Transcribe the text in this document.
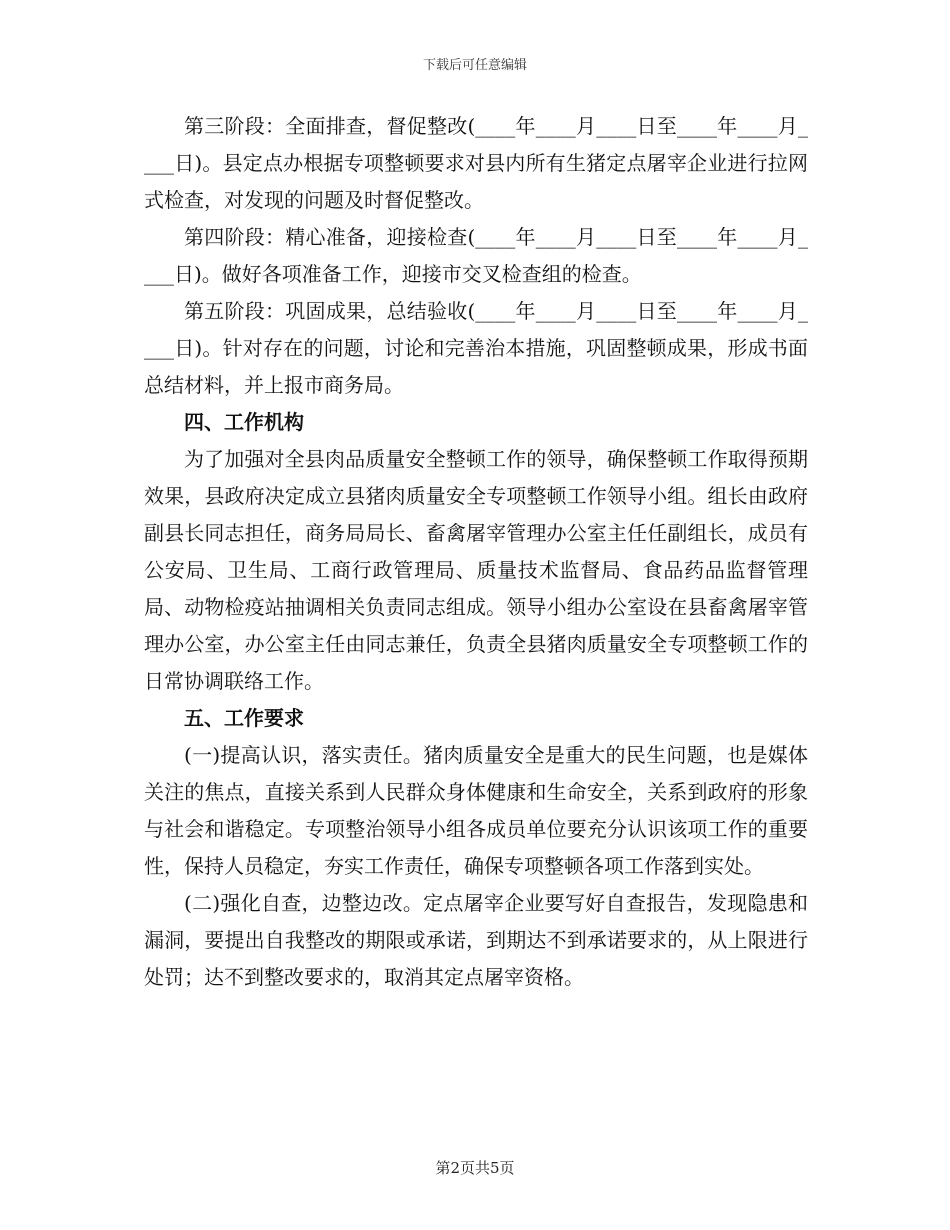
下载后可任意编辑

第三阶段：全面排查，督促整改(____年____月____日至____年____月____日)。县定点办根据专项整顿要求对县内所有生猪定点屠宰企业进行拉网式检查，对发现的问题及时督促整改。

第四阶段：精心准备，迎接检查(____年____月____日至____年____月____日)。做好各项准备工作，迎接市交叉检查组的检查。

第五阶段：巩固成果，总结验收(____年____月____日至____年____月____日)。针对存在的问题，讨论和完善治本措施，巩固整顿成果，形成书面总结材料，并上报市商务局。

四、工作机构

为了加强对全县肉品质量安全整顿工作的领导，确保整顿工作取得预期效果，县政府决定成立县猪肉质量安全专项整顿工作领导小组。组长由政府副县长同志担任，商务局局长、畜禽屠宰管理办公室主任任副组长，成员有公安局、卫生局、工商行政管理局、质量技术监督局、食品药品监督管理局、动物检疫站抽调相关负责同志组成。领导小组办公室设在县畜禽屠宰管理办公室，办公室主任由同志兼任，负责全县猪肉质量安全专项整顿工作的日常协调联络工作。

五、工作要求

(一)提高认识，落实责任。猪肉质量安全是重大的民生问题，也是媒体关注的焦点，直接关系到人民群众身体健康和生命安全，关系到政府的形象与社会和谐稳定。专项整治领导小组各成员单位要充分认识该项工作的重要性，保持人员稳定，夯实工作责任，确保专项整顿各项工作落到实处。

(二)强化自查，边整边改。定点屠宰企业要写好自查报告，发现隐患和漏洞，要提出自我整改的期限或承诺，到期达不到承诺要求的，从上限进行处罚；达不到整改要求的，取消其定点屠宰资格。

第2页共5页
